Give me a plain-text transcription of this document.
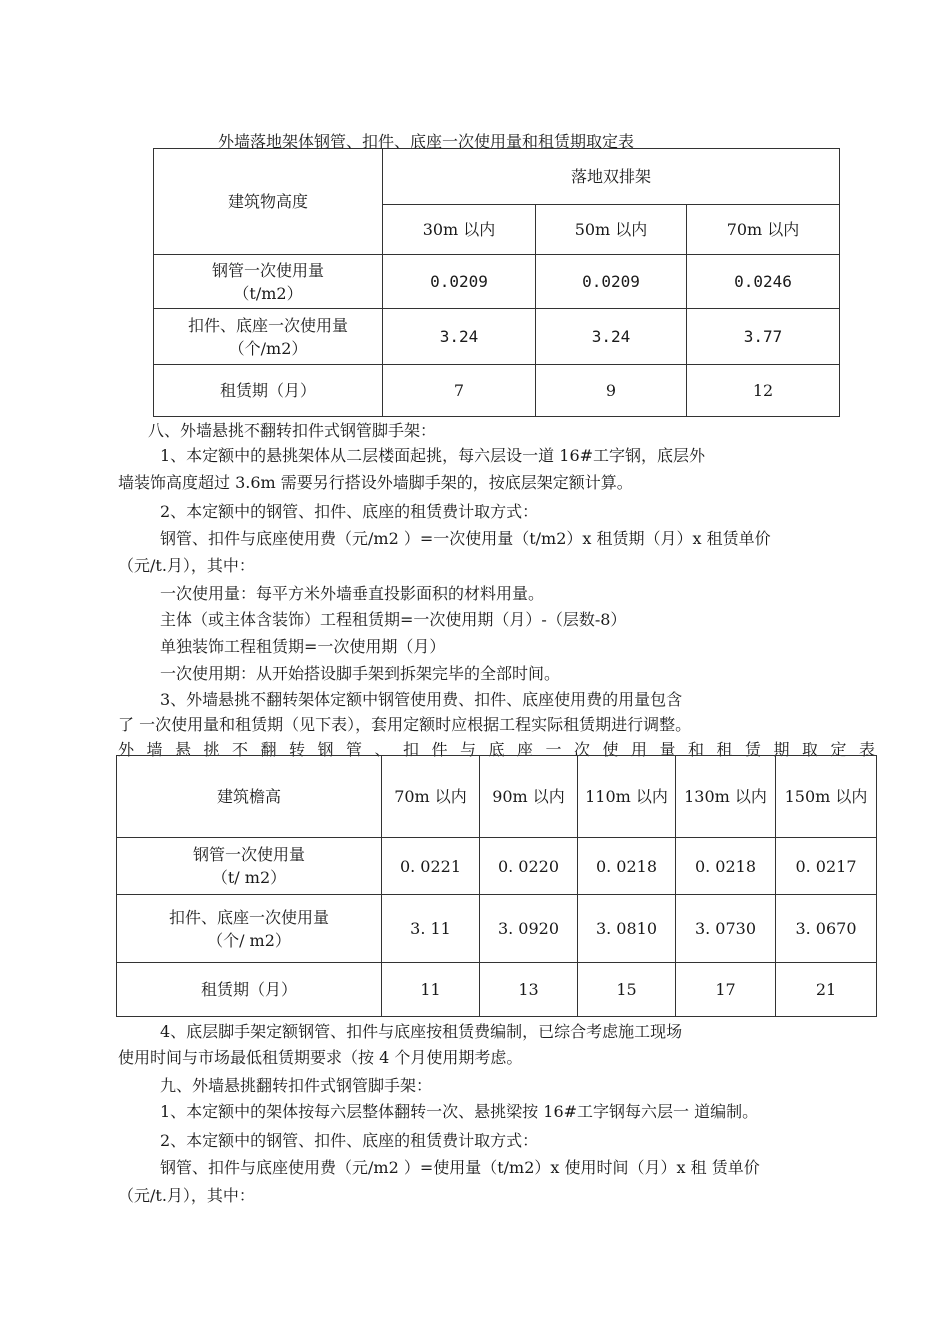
外墙落地架体钢管、扣件、底座一次使用量和租赁期取定表
建筑物高度	落地双排架		
	30m 以内	50m 以内	70m 以内

钢管一次使用量
（t/m2）	0.0209	0.0209	0.0246

扣件、底座一次使用量
（个/m2）	3.24	3.24	3.77
租赁期（月）	7	9	12
八、外墙悬挑不翻转扣件式钢管脚手架：
1、本定额中的悬挑架体从二层楼面起挑，每六层设一道 16#工字钢，底层外
墙装饰高度超过 3.6m 需要另行搭设外墙脚手架的，按底层架定额计算。
2、本定额中的钢管、扣件、底座的租赁费计取方式：
钢管、扣件与底座使用费（元/m2 ）=一次使用量（t/m2）x 租赁期（月）x 租赁单价
（元/t.月），其中：
一次使用量：每平方米外墙垂直投影面积的材料用量。
主体（或主体含装饰）工程租赁期=一次使用期（月）-（层数-8）
单独装饰工程租赁期=一次使用期（月）
一次使用期：从开始搭设脚手架到拆架完毕的全部时间。
3、外墙悬挑不翻转架体定额中钢管使用费、扣件、底座使用费的用量包含
了 一次使用量和租赁期（见下表），套用定额时应根据工程实际租赁期进行调整。
外墙悬挑不翻转钢管、扣件与底座一次使用量和租赁期取定表
建筑檐高	70m 以内	90m 以内	110m 以内	130m 以内	150m 以内

钢管一次使用量
（t/ m2）	0. 0221	0. 0220	0. 0218	0. 0218	0. 0217

扣件、底座一次使用量
（个/ m2）	3. 11	3. 0920	3. 0810	3. 0730	3. 0670
租赁期（月）	11	13	15	17	21
4、底层脚手架定额钢管、扣件与底座按租赁费编制，已综合考虑施工现场
使用时间与市场最低租赁期要求（按 4 个月使用期考虑。
九、外墙悬挑翻转扣件式钢管脚手架：
1、本定额中的架体按每六层整体翻转一次、悬挑梁按 16#工字钢每六层一 道编制。
2、本定额中的钢管、扣件、底座的租赁费计取方式：
钢管、扣件与底座使用费（元/m2 ）=使用量（t/m2）x 使用时间（月）x 租 赁单价
（元/t.月），其中：
